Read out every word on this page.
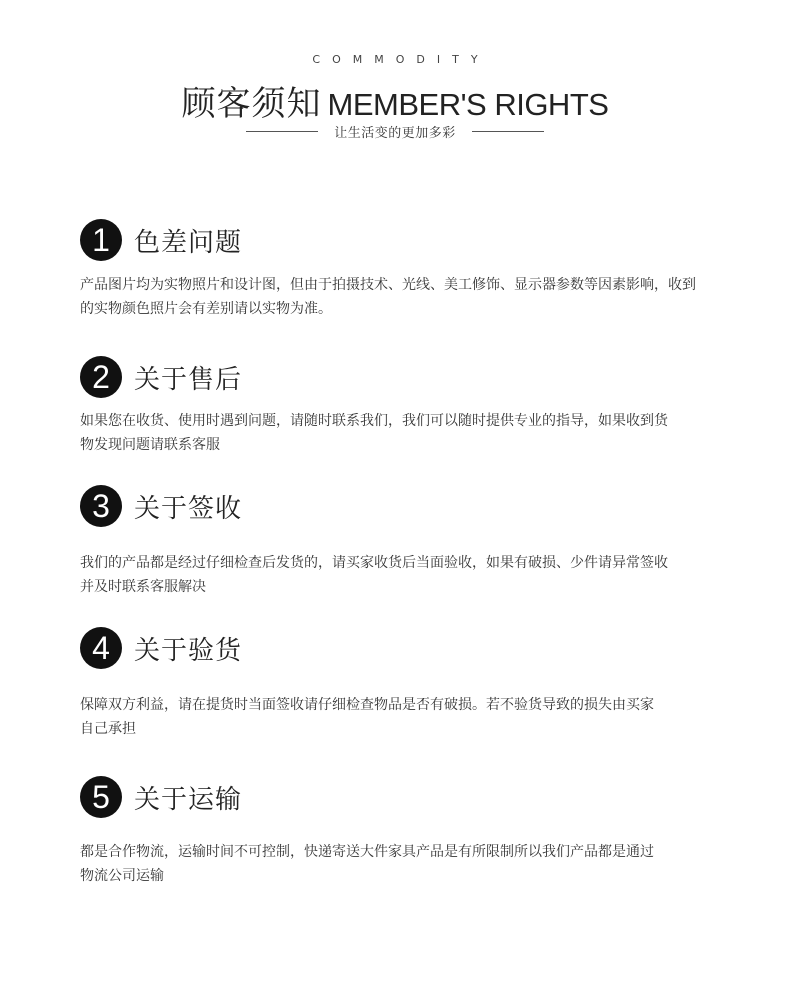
COMMODITY
顾客须知 MEMBER'S RIGHTS
让生活变的更加多彩
1 色差问题

产品图片均为实物照片和设计图，但由于拍摄技术、光线、美工修饰、显示器参数等因素影响，收到
的实物颜色照片会有差别请以实物为准。

2 关于售后

如果您在收货、使用时遇到问题，请随时联系我们，我们可以随时提供专业的指导，如果收到货
物发现问题请联系客服

3 关于签收

我们的产品都是经过仔细检查后发货的，请买家收货后当面验收，如果有破损、少件请异常签收
并及时联系客服解决

4 关于验货

保障双方利益，请在提货时当面签收请仔细检查物品是否有破损。若不验货导致的损失由买家
自己承担

5 关于运输

都是合作物流，运输时间不可控制，快递寄送大件家具产品是有所限制所以我们产品都是通过
物流公司运输
